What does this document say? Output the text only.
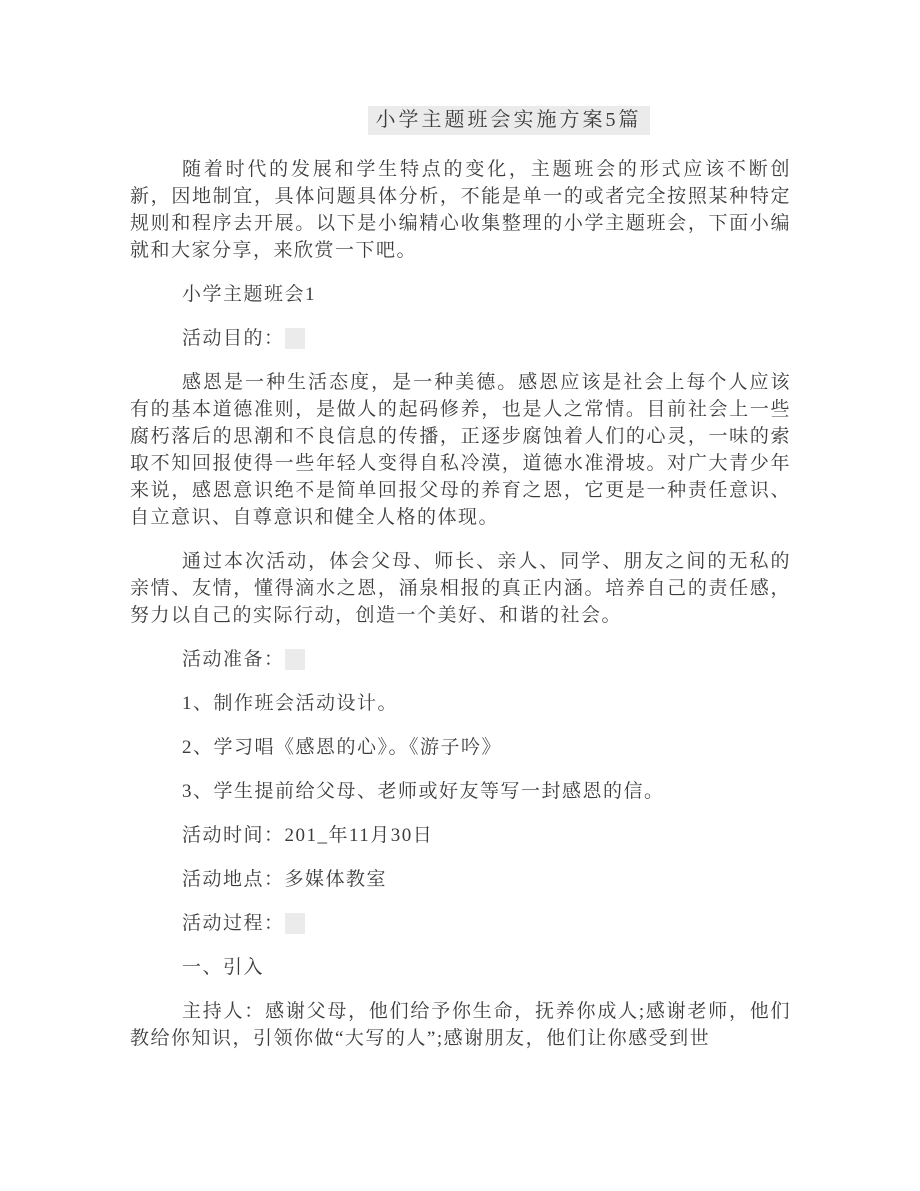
小学主题班会实施方案5篇

随着时代的发展和学生特点的变化，主题班会的形式应该不断创新，因地制宜，具体问题具体分析，不能是单一的或者完全按照某种特定规则和程序去开展。以下是小编精心收集整理的小学主题班会，下面小编就和大家分享，来欣赏一下吧。

小学主题班会1

活动目的：

感恩是一种生活态度，是一种美德。感恩应该是社会上每个人应该有的基本道德准则，是做人的起码修养，也是人之常情。目前社会上一些腐朽落后的思潮和不良信息的传播，正逐步腐蚀着人们的心灵，一味的索取不知回报使得一些年轻人变得自私冷漠，道德水准滑坡。对广大青少年来说，感恩意识绝不是简单回报父母的养育之恩，它更是一种责任意识、自立意识、自尊意识和健全人格的体现。

通过本次活动，体会父母、师长、亲人、同学、朋友之间的无私的亲情、友情，懂得滴水之恩，涌泉相报的真正内涵。培养自己的责任感，努力以自己的实际行动，创造一个美好、和谐的社会。

活动准备：

1、制作班会活动设计。

2、学习唱《感恩的心》。《游子吟》

3、学生提前给父母、老师或好友等写一封感恩的信。

活动时间：201_年11月30日

活动地点：多媒体教室

活动过程：

一、引入

主持人：感谢父母，他们给予你生命，抚养你成人;感谢老师，他们教给你知识，引领你做“大写的人”;感谢朋友，他们让你感受到世
